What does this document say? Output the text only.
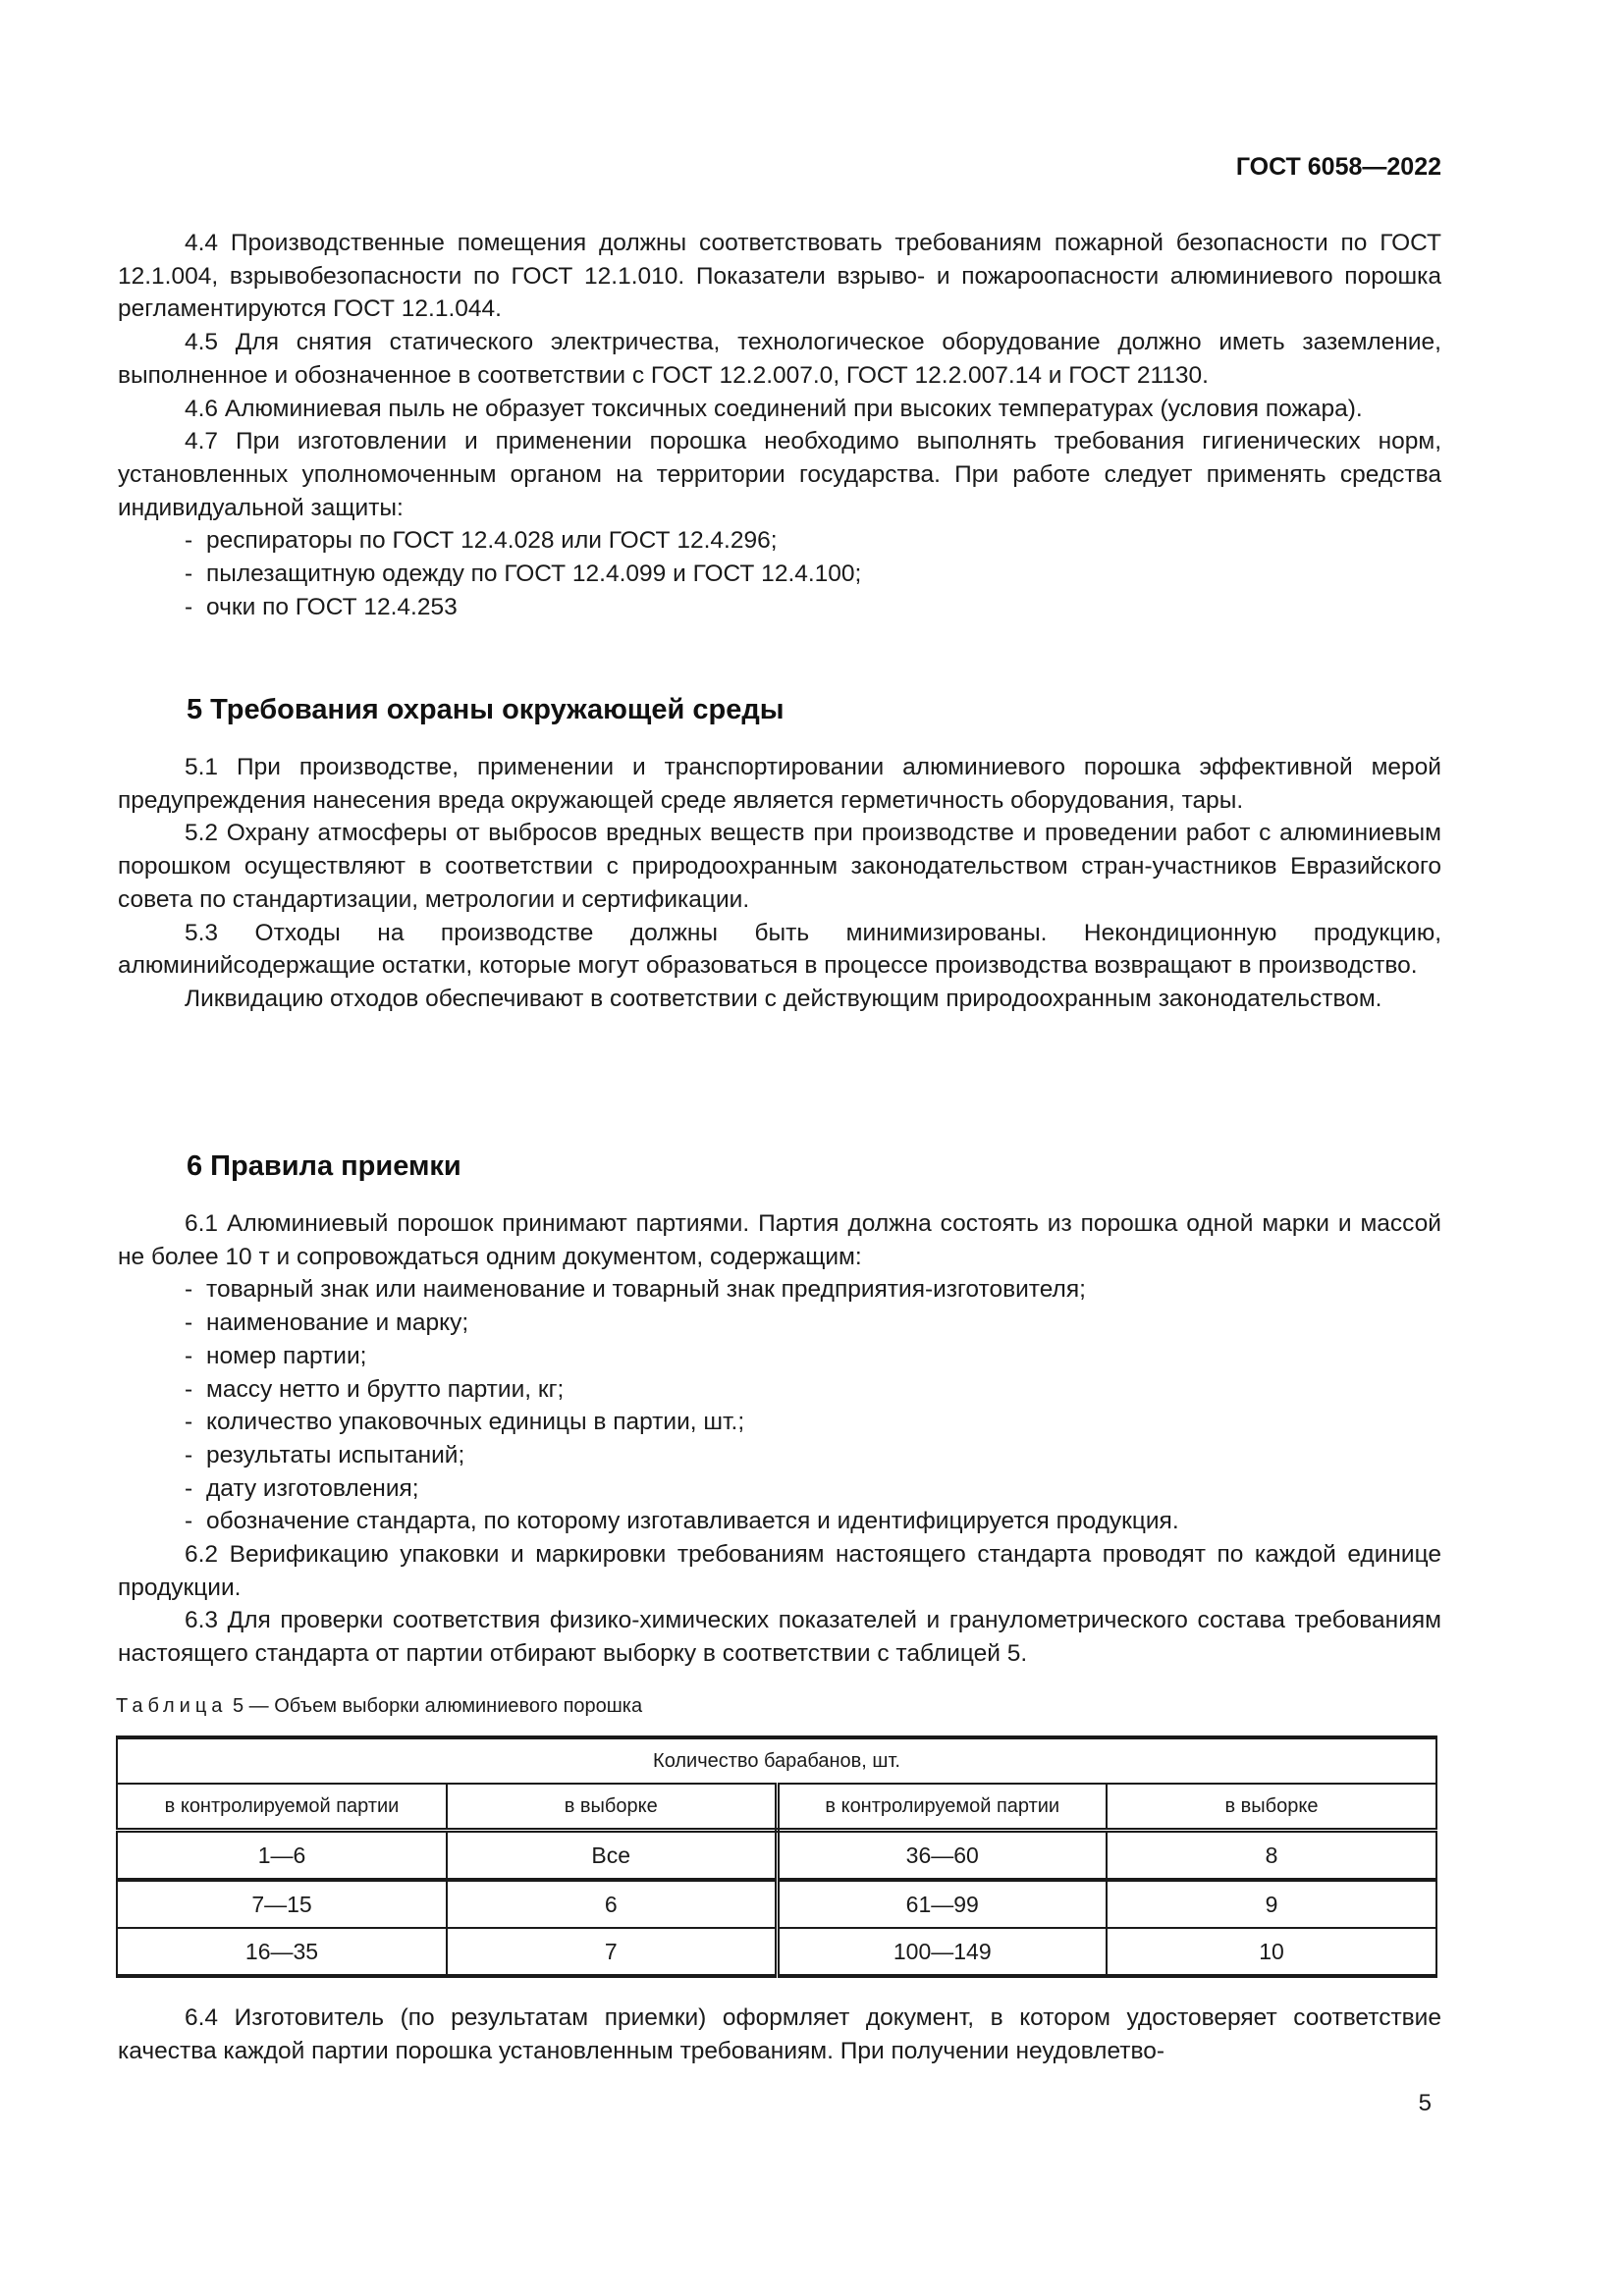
ГОСТ 6058—2022

4.4 Производственные помещения должны соответствовать требованиям пожарной безопасности по ГОСТ 12.1.004, взрывобезопасности по ГОСТ 12.1.010. Показатели взрыво- и пожароопасности алюминиевого порошка регламентируются ГОСТ 12.1.044.

4.5 Для снятия статического электричества, технологическое оборудование должно иметь заземление, выполненное и обозначенное в соответствии с ГОСТ 12.2.007.0, ГОСТ 12.2.007.14 и ГОСТ 21130.

4.6 Алюминиевая пыль не образует токсичных соединений при высоких температурах (условия пожара).

4.7 При изготовлении и применении порошка необходимо выполнять требования гигиенических норм, установленных уполномоченным органом на территории государства. При работе следует применять средства индивидуальной защиты:

- респираторы по ГОСТ 12.4.028 или ГОСТ 12.4.296;

- пылезащитную одежду по ГОСТ 12.4.099 и ГОСТ 12.4.100;

- очки по ГОСТ 12.4.253

5 Требования охраны окружающей среды

5.1 При производстве, применении и транспортировании алюминиевого порошка эффективной мерой предупреждения нанесения вреда окружающей среде является герметичность оборудования, тары.

5.2 Охрану атмосферы от выбросов вредных веществ при производстве и проведении работ с алюминиевым порошком осуществляют в соответствии с природоохранным законодательством стран-участников Евразийского совета по стандартизации, метрологии и сертификации.

5.3 Отходы на производстве должны быть минимизированы. Некондиционную продукцию, алюминийсодержащие остатки, которые могут образоваться в процессе производства возвращают в производство.

Ликвидацию отходов обеспечивают в соответствии с действующим природоохранным законодательством.

6 Правила приемки

6.1 Алюминиевый порошок принимают партиями. Партия должна состоять из порошка одной марки и массой не более 10 т и сопровождаться одним документом, содержащим:

- товарный знак или наименование и товарный знак предприятия-изготовителя;

- наименование и марку;

- номер партии;

- массу нетто и брутто партии, кг;

- количество упаковочных единицы в партии, шт.;

- результаты испытаний;

- дату изготовления;

- обозначение стандарта, по которому изготавливается и идентифицируется продукция.

6.2 Верификацию упаковки и маркировки требованиям настоящего стандарта проводят по каждой единице продукции.

6.3 Для проверки соответствия физико-химических показателей и гранулометрического состава требованиям настоящего стандарта от партии отбирают выборку в соответствии с таблицей 5.

Таблица 5 — Объем выборки алюминиевого порошка
Количество барабанов, шт.			
в контролируемой партии	в выборке	в контролируемой партии	в выборке
1—6	Все	36—60	8
7—15	6	61—99	9
16—35	7	100—149	10

6.4 Изготовитель (по результатам приемки) оформляет документ, в котором удостоверяет соответствие качества каждой партии порошка установленным требованиям. При получении неудовлетво-

5
